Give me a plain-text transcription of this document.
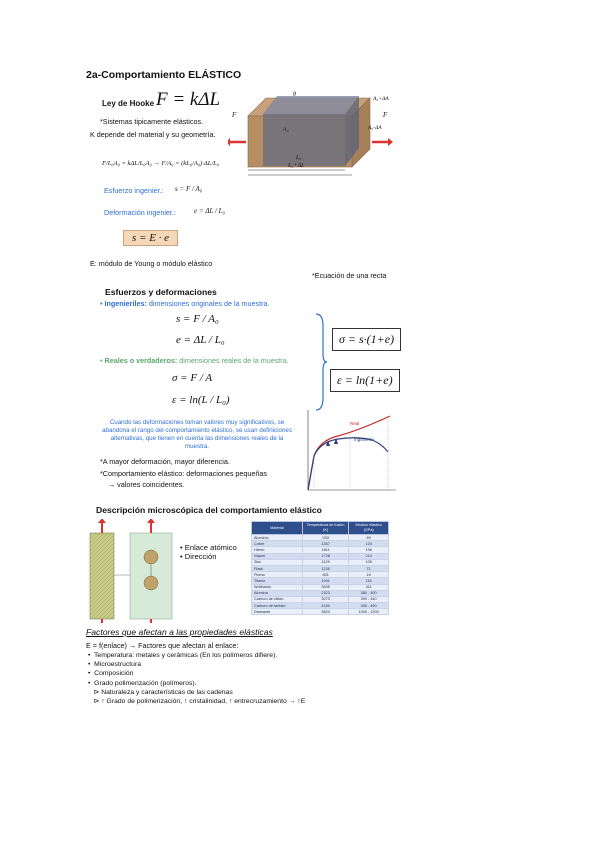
2a-Comportamiento ELÁSTICO
Ley de Hooke F = kΔL
*Sistemas tipicamente elásticos.
K depende del material y su geometría.
F/L₀A₀ = kΔL/L₀A₀ → F/A₀ = (kL₀/A₀)·ΔL/L₀
Esfuerzo ingenier.: s = F / A₀
Deformación ingenier.:	e = ΔL / L₀
s = E · e
E: módulo de Young o módulo elástico
*Ecuación de una recta
F	F
A₀
θ
L₀
L₀+ΔL
A₀+ΔA
A₀-ΔA
Esfuerzos y deformaciones
• Ingenieriles: dimensiones originales de la muestra.
s = F / A₀
e = ΔL / L₀
• Reales o verdaderos: dimensiones reales de la muestra.
σ = F / A
ε = ln(L / L₀)
σ = s·(1+e)
ε = ln(1+e)
Cuando las deformaciones toman valores muy significativos, se abandona el rango del comportamiento elástico, se usan definiciones alternativas, que tienen en cuenta las dimensiones reales de la muestra.
*A mayor deformación, mayor diferencia.
*Comportamiento elástico: deformaciones pequeñas
→ valores coincidentes.
Real
Ingeniería
Descripción microscópica del comportamiento elástico
• Enlace atómico
• Dirección
Material	Temperatura de fusión (K)	Módulo elástico (GPa)
Aluminio	933	69
Cobre	1357	124
Hierro	1811	196
Níquel	1728	214
Zinc	1129	105
Plata	1235	71
Plomo	601	16
Titanio	1941	116
Wolframio	3695	411
Alúmina	2323	380 - 400
Carburo de silicio	3073	390 - 440
Carburo de tántalo	4150	400 - 490
Diamante	3823	1000 - 1200
Factores que afectan a las propiedades elásticas
E = f(enlace) → Factores que afectan al enlace:
•  Temperatura: metales y cerámicas (En los polímeros difiere).
•  Microestructura
•  Composición
•  Grado polimerización (polímeros).
⊳ Naturaleza y características de las cadenas
⊳ ↑ Grado de polimerización, ↑ cristalinidad, ↑ entrecruzamiento → ↑E
